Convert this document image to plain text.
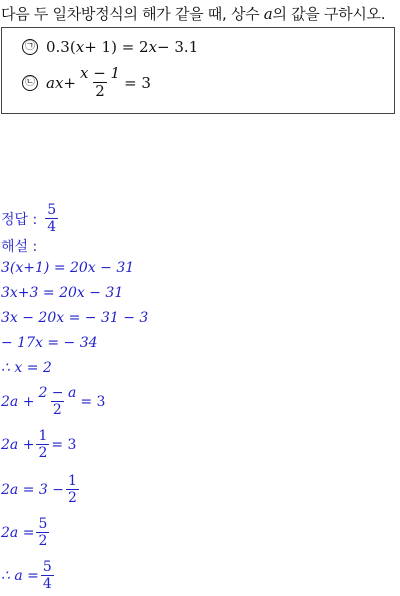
다음 두 일차방정식의 해가 같을 때, 상수 a의 값을 구하시오.
㉠ 0.3( x + 1) = 2 x − 3.1
㉡ ax + $\frac{x - 1}{2} = 3$
정답 : $\frac{5}{4}$
해설 :
3(x+1) = 20x − 31
3x+3 = 20x − 31
3x − 20x = − 31 − 3
− 17x = − 34
∴ x = 2
$2a + \frac{2 - a}{2} = 3$
$2a + \frac{1}{2} = 3$
$2a = 3 - \frac{1}{2}$
$2a = \frac{5}{2}$
∴ $a = \frac{5}{4}$
